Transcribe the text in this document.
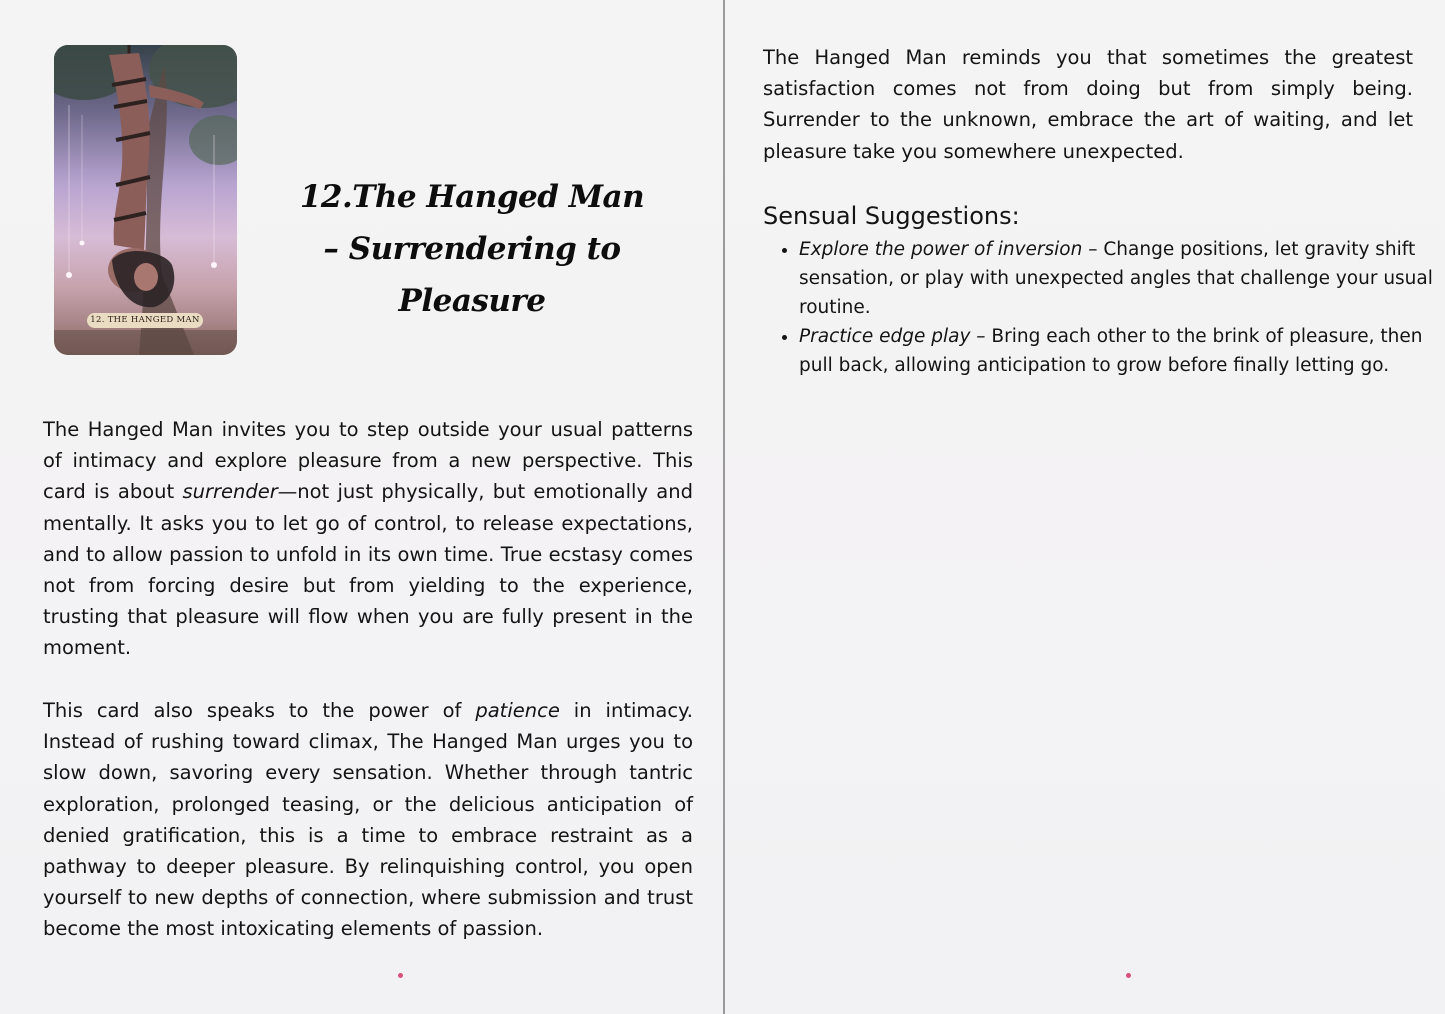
12. THE HANGED MAN
12.The Hanged Man
– Surrendering to Pleasure

The Hanged Man invites you to step outside your usual patterns of intimacy and explore pleasure from a new perspective. This card is about surrender—not just physically, but emotionally and mentally. It asks you to let go of control, to release expectations, and to allow passion to unfold in its own time. True ecstasy comes not from forcing desire but from yielding to the experience, trusting that pleasure will flow when you are fully present in the moment.

This card also speaks to the power of patience in intimacy. Instead of rushing toward climax, The Hanged Man urges you to slow down, savoring every sensation. Whether through tantric exploration, prolonged teasing, or the delicious anticipation of denied gratification, this is a time to embrace restraint as a pathway to deeper pleasure. By relinquishing control, you open yourself to new depths of connection, where submission and trust become the most intoxicating elements of passion.

The Hanged Man reminds you that sometimes the greatest satisfaction comes not from doing but from simply being. Surrender to the unknown, embrace the art of waiting, and let pleasure take you somewhere unexpected.

Sensual Suggestions:
• Explore the power of inversion – Change positions, let gravity shift sensation, or play with unexpected angles that challenge your usual routine.
• Practice edge play – Bring each other to the brink of pleasure, then pull back, allowing anticipation to grow before finally letting go.
